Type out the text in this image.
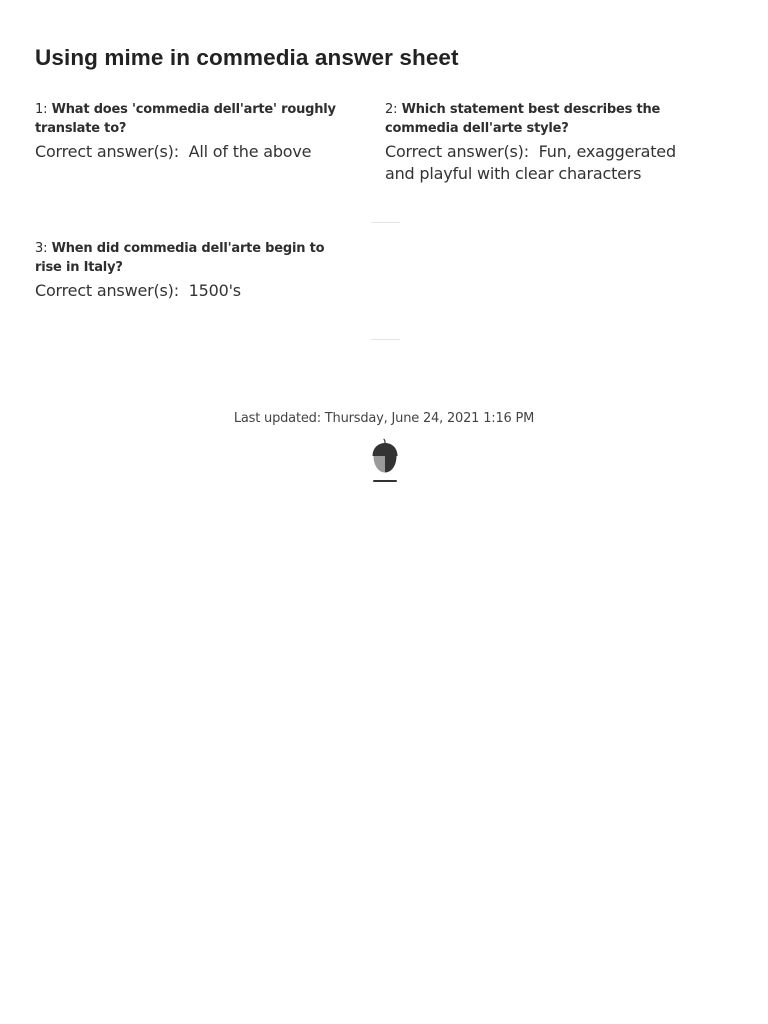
Using mime in commedia answer sheet
1: What does 'commedia dell'arte' roughly translate to?
Correct answer(s):  All of the above
2: Which statement best describes the commedia dell'arte style?
Correct answer(s):  Fun, exaggerated and playful with clear characters
3: When did commedia dell'arte begin to rise in Italy?
Correct answer(s):  1500's
Last updated: Thursday, June 24, 2021 1:16 PM
